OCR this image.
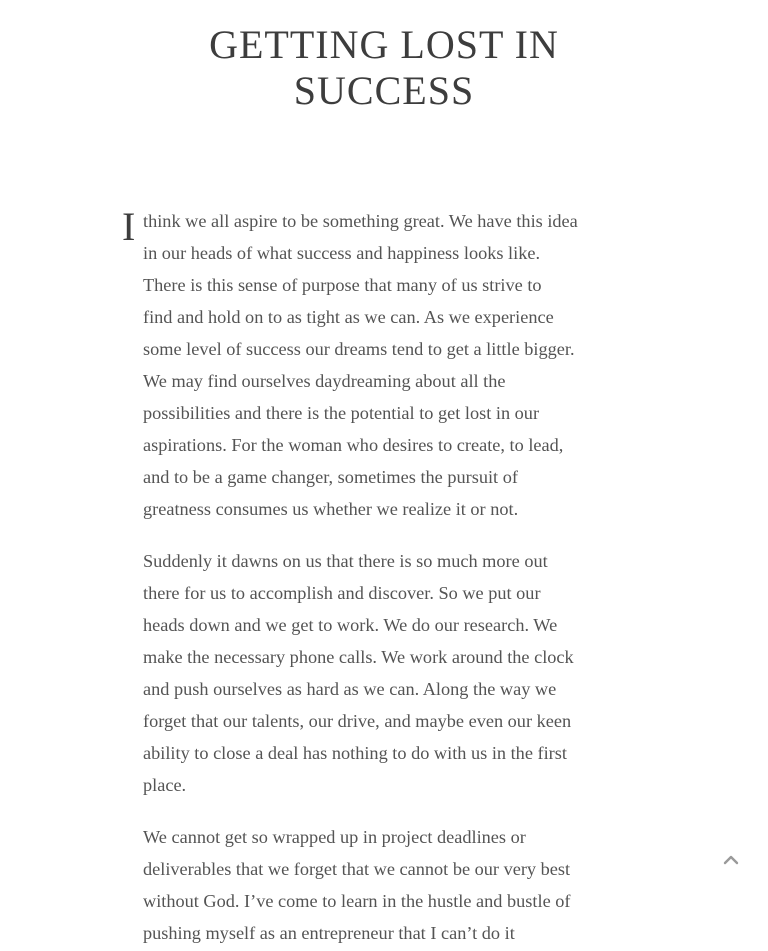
GETTING LOST IN
SUCCESS
I think we all aspire to be something great. We have this idea
in our heads of what success and happiness looks like.
There is this sense of purpose that many of us strive to
find and hold on to as tight as we can. As we experience
some level of success our dreams tend to get a little bigger.
We may find ourselves daydreaming about all the
possibilities and there is the potential to get lost in our
aspirations. For the woman who desires to create, to lead,
and to be a game changer, sometimes the pursuit of
greatness consumes us whether we realize it or not.

Suddenly it dawns on us that there is so much more out
there for us to accomplish and discover. So we put our
heads down and we get to work. We do our research. We
make the necessary phone calls. We work around the clock
and push ourselves as hard as we can. Along the way we
forget that our talents, our drive, and maybe even our keen
ability to close a deal has nothing to do with us in the first
place.

We cannot get so wrapped up in project deadlines or
deliverables that we forget that we cannot be our very best
without God. I’ve come to learn in the hustle and bustle of
pushing myself as an entrepreneur that I can’t do it
